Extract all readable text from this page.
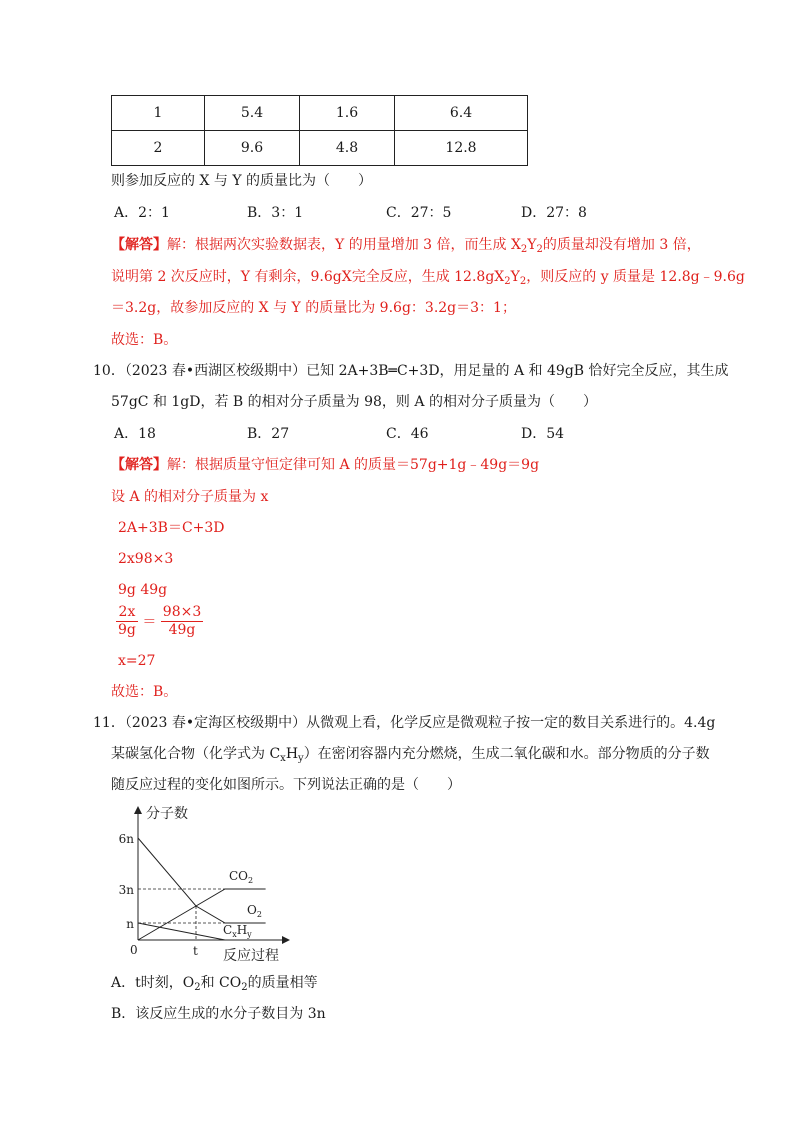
1	5.4	1.6	6.4
2	9.6	4.8	12.8
则参加反应的 X 与 Y 的质量比为（　　）
A．2：1	B．3：1	C．27：5	D．27：8
【解答】解：根据两次实验数据表，Y 的用量增加 3 倍，而生成 $X_2Y_2$的质量却没有增加 3 倍，
说明第 2 次反应时，Y 有剩余，9.6gX完全反应，生成 $12.8gX_2Y_2$，则反应的 y 质量是 12.8g﹣9.6g
＝3.2g，故参加反应的 X 与 Y 的质量比为 9.6g：3.2g＝3：1；
故选：B。
10．（2023 春•西湖区校级期中）已知 2A+3B═C+3D，用足量的 A 和 49gB 恰好完全反应，其生成
57gC 和 1gD，若 B 的相对分子质量为 98，则 A 的相对分子质量为（　　）
A．18	B．27	C．46	D．54
【解答】解：根据质量守恒定律可知 A 的质量＝57g+1g﹣49g＝9g
设 A 的相对分子质量为 x
2A+3B＝C+3D
2x98×3
9g 49g
$\frac{2x}{9g} = \frac{98\times 3}{49g}$
x=27
故选：B。
11．（2023 春•定海区校级期中）从微观上看，化学反应是微观粒子按一定的数目关系进行的。4.4g
某碳氢化合物（化学式为 $C_xH_y$）在密闭容器内充分燃烧，生成二氧化碳和水。部分物质的分子数
随反应过程的变化如图所示。下列说法正确的是（　　）
分子数
反应过程
6n
3n
n
0	t
$CO_2$
$O_2$
$C_xH_y$
A．t时刻，$O_2$和 $CO_2$的质量相等
B．该反应生成的水分子数目为 3n
